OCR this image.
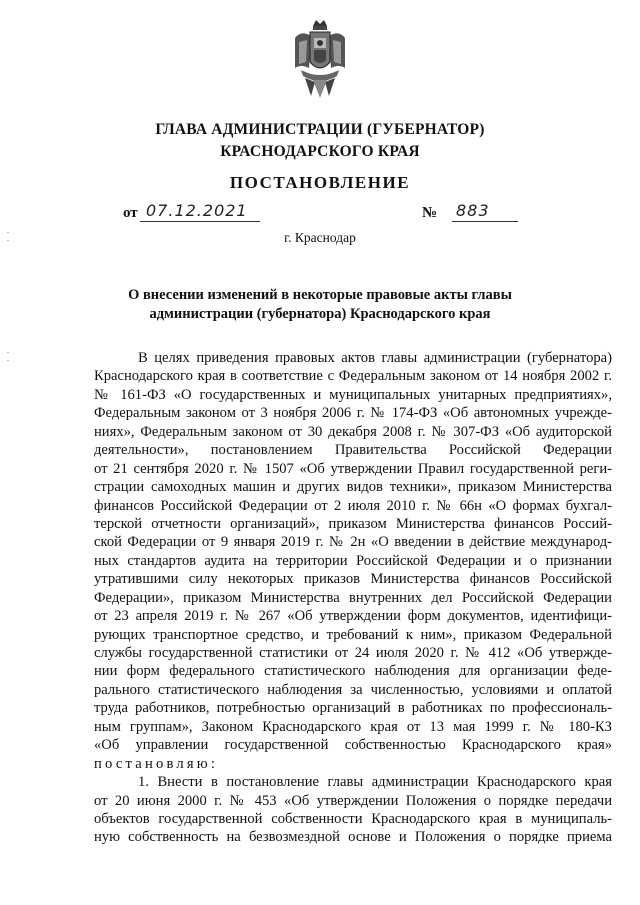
ГЛАВА АДМИНИСТРАЦИИ (ГУБЕРНАТОР)
КРАСНОДАРСКОГО КРАЯ
ПОСТАНОВЛЕНИЕ
от 07.12.2021	№ 883
г. Краснодар
О внесении изменений в некоторые правовые акты главы
администрации (губернатора) Краснодарского края
В целях приведения правовых актов главы администрации (губернатора)
Краснодарского края в соответствие с Федеральным законом от 14 ноября 2002 г.
№ 161-ФЗ «О государственных и муниципальных унитарных предприятиях»,
Федеральным законом от 3 ноября 2006 г. № 174-ФЗ «Об автономных учрежде-
ниях», Федеральным законом от 30 декабря 2008 г. № 307-ФЗ «Об аудиторской
деятельности», постановлением Правительства Российской Федерации
от 21 сентября 2020 г. № 1507 «Об утверждении Правил государственной реги-
страции самоходных машин и других видов техники», приказом Министерства
финансов Российской Федерации от 2 июля 2010 г. № 66н «О формах бухгал-
терской отчетности организаций», приказом Министерства финансов Россий-
ской Федерации от 9 января 2019 г. № 2н «О введении в действие междунаpод-
ных стандартов аудита на территории Российской Федерации и о признании
утратившими силу некоторых приказов Министерства финансов Российской
Федерации», приказом Министерства внутренних дел Российской Федерации
от 23 апреля 2019 г. № 267 «Об утверждении форм документов, идентифици-
рующих транспортное средство, и требований к ним», приказом Федеральной
службы государственной статистики от 24 июля 2020 г. № 412 «Об утвержде-
нии форм федерального статистического наблюдения для организации феде-
рального статистического наблюдения за численностью, условиями и оплатой
труда работников, потребностью организаций в работниках по профессиональ-
ным группам», Законом Краснодарского края от 13 мая 1999 г. № 180-КЗ
«Об управлении государственной собственностью Краснодарского края»
постановляю:
1. Внести в постановление главы администрации Краснодарского края
от 20 июня 2000 г. № 453 «Об утверждении Положения о порядке передачи
объектов государственной собственности Краснодарского края в муниципаль-
ную собственность на безвозмездной основе и Положения о порядке приема
